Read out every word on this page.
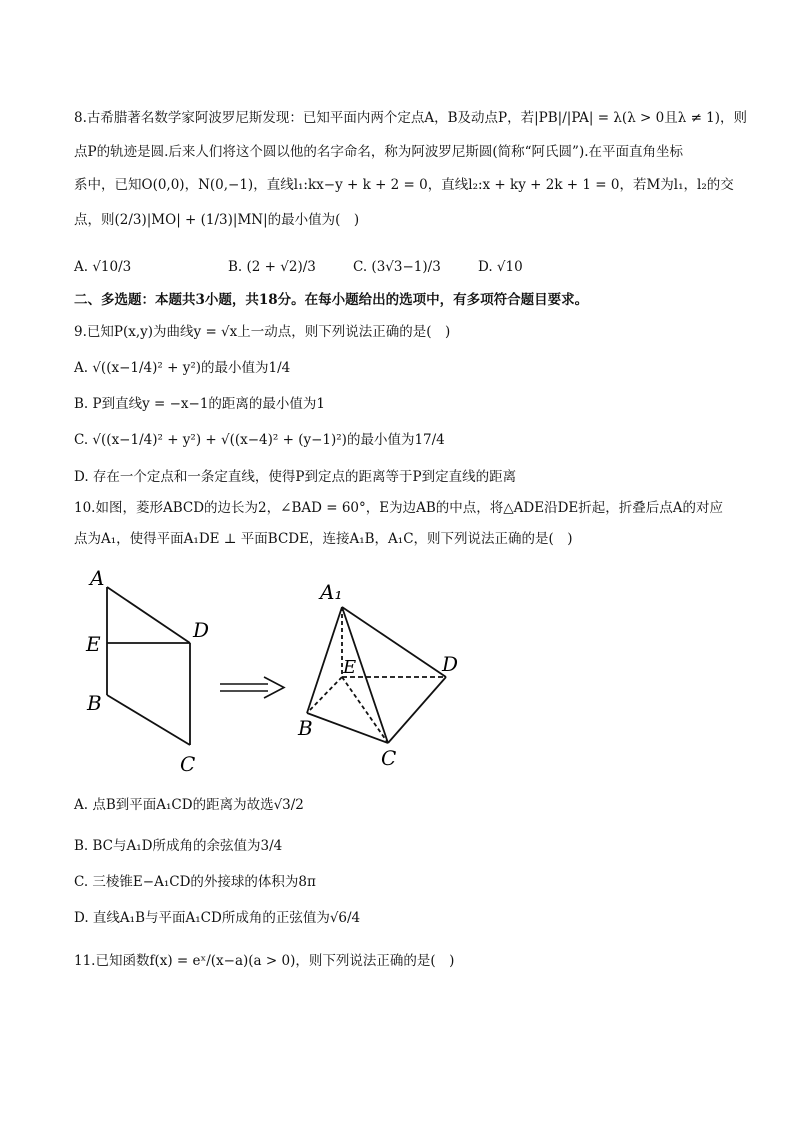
8.古希腊著名数学家阿波罗尼斯发现：已知平面内两个定点A，B及动点P，若|PB|/|PA| = λ(λ > 0且λ ≠ 1)，则
点P的轨迹是圆.后来人们将这个圆以他的名字命名，称为阿波罗尼斯圆(简称“阿氏圆”).在平面直角坐标
系中，已知O(0,0)，N(0,−1)，直线l₁:kx−y + k + 2 = 0，直线l₂:x + ky + 2k + 1 = 0，若M为l₁，l₂的交
点，则(2/3)|MO| + (1/3)|MN|的最小值为(　)
A. √10/3	B. (2 + √2)/3	C. (3√3−1)/3	D. √10
二、多选题：本题共3小题，共18分。在每小题给出的选项中，有多项符合题目要求。
9.已知P(x,y)为曲线y = √x上一动点，则下列说法正确的是(　)
A. √((x−1/4)² + y²)的最小值为1/4
B. P到直线y = −x−1的距离的最小值为1
C. √((x−1/4)² + y²) + √((x−4)² + (y−1)²)的最小值为17/4
D. 存在一个定点和一条定直线，使得P到定点的距离等于P到定直线的距离
10.如图，菱形ABCD的边长为2，∠BAD = 60°，E为边AB的中点，将△ADE沿DE折起，折叠后点A的对应
点为A₁，使得平面A₁DE ⊥ 平面BCDE，连接A₁B，A₁C，则下列说法正确的是(　)
A
E
D
B
C
A₁
E	D
B
C
A. 点B到平面A₁CD的距离为故选√3/2
B. BC与A₁D所成角的余弦值为3/4
C. 三棱锥E−A₁CD的外接球的体积为8π
D. 直线A₁B与平面A₁CD所成角的正弦值为√6/4
11.已知函数f(x) = eˣ/(x−a)(a > 0)，则下列说法正确的是(　)
